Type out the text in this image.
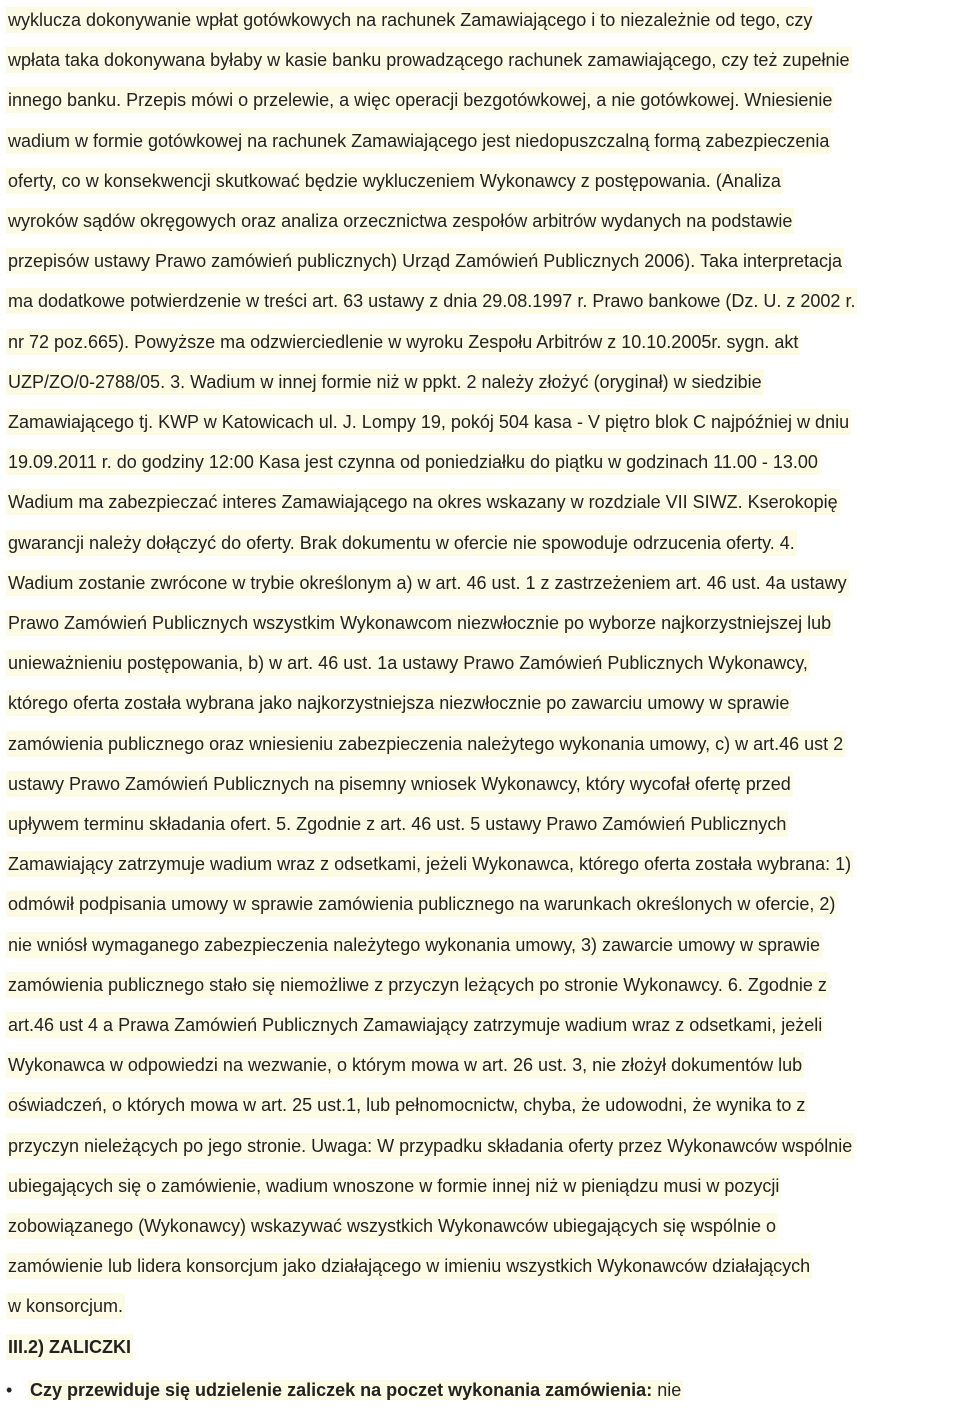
wyklucza dokonywanie wpłat gotówkowych na rachunek Zamawiającego i to niezależnie od tego, czy
wpłata taka dokonywana byłaby w kasie banku prowadzącego rachunek zamawiającego, czy też zupełnie
innego banku. Przepis mówi o przelewie, a więc operacji bezgotówkowej, a nie gotówkowej. Wniesienie
wadium w formie gotówkowej na rachunek Zamawiającego jest niedopuszczalną formą zabezpieczenia
oferty, co w konsekwencji skutkować będzie wykluczeniem Wykonawcy z postępowania. (Analiza
wyroków sądów okręgowych oraz analiza orzecznictwa zespołów arbitrów wydanych na podstawie
przepisów ustawy Prawo zamówień publicznych) Urząd Zamówień Publicznych 2006). Taka interpretacja
ma dodatkowe potwierdzenie w treści art. 63 ustawy z dnia 29.08.1997 r. Prawo bankowe (Dz. U. z 2002 r.
nr 72 poz.665). Powyższe ma odzwierciedlenie w wyroku Zespołu Arbitrów z 10.10.2005r. sygn. akt
UZP/ZO/0-2788/05. 3. Wadium w innej formie niż w ppkt. 2 należy złożyć (oryginał) w siedzibie
Zamawiającego tj. KWP w Katowicach ul. J. Lompy 19, pokój 504 kasa - V piętro blok C najpóźniej w dniu
19.09.2011 r. do godziny 12:00 Kasa jest czynna od poniedziałku do piątku w godzinach 11.00 - 13.00
Wadium ma zabezpieczać interes Zamawiającego na okres wskazany w rozdziale VII SIWZ. Kserokopię
gwarancji należy dołączyć do oferty. Brak dokumentu w ofercie nie spowoduje odrzucenia oferty. 4.
Wadium zostanie zwrócone w trybie określonym a) w art. 46 ust. 1 z zastrzeżeniem art. 46 ust. 4a ustawy
Prawo Zamówień Publicznych wszystkim Wykonawcom niezwłocznie po wyborze najkorzystniejszej lub
unieważnieniu postępowania, b) w art. 46 ust. 1a ustawy Prawo Zamówień Publicznych Wykonawcy,
którego oferta została wybrana jako najkorzystniejsza niezwłocznie po zawarciu umowy w sprawie
zamówienia publicznego oraz wniesieniu zabezpieczenia należytego wykonania umowy, c) w art.46 ust 2
ustawy Prawo Zamówień Publicznych na pisemny wniosek Wykonawcy, który wycofał ofertę przed
upływem terminu składania ofert. 5. Zgodnie z art. 46 ust. 5 ustawy Prawo Zamówień Publicznych
Zamawiający zatrzymuje wadium wraz z odsetkami, jeżeli Wykonawca, którego oferta została wybrana: 1)
odmówił podpisania umowy w sprawie zamówienia publicznego na warunkach określonych w ofercie, 2)
nie wniósł wymaganego zabezpieczenia należytego wykonania umowy, 3) zawarcie umowy w sprawie
zamówienia publicznego stało się niemożliwe z przyczyn leżących po stronie Wykonawcy. 6. Zgodnie z
art.46 ust 4 a Prawa Zamówień Publicznych Zamawiający zatrzymuje wadium wraz z odsetkami, jeżeli
Wykonawca w odpowiedzi na wezwanie, o którym mowa w art. 26 ust. 3, nie złożył dokumentów lub
oświadczeń, o których mowa w art. 25 ust.1, lub pełnomocnictw, chyba, że udowodni, że wynika to z
przyczyn nieleżących po jego stronie. Uwaga: W przypadku składania oferty przez Wykonawców wspólnie
ubiegających się o zamówienie, wadium wnoszone w formie innej niż w pieniądzu musi w pozycji
zobowiązanego (Wykonawcy) wskazywać wszystkich Wykonawców ubiegających się wspólnie o
zamówienie lub lidera konsorcjum jako działającego w imieniu wszystkich Wykonawców działających
w konsorcjum.
III.2) ZALICZKI
• Czy przewiduje się udzielenie zaliczek na poczet wykonania zamówienia: nie
